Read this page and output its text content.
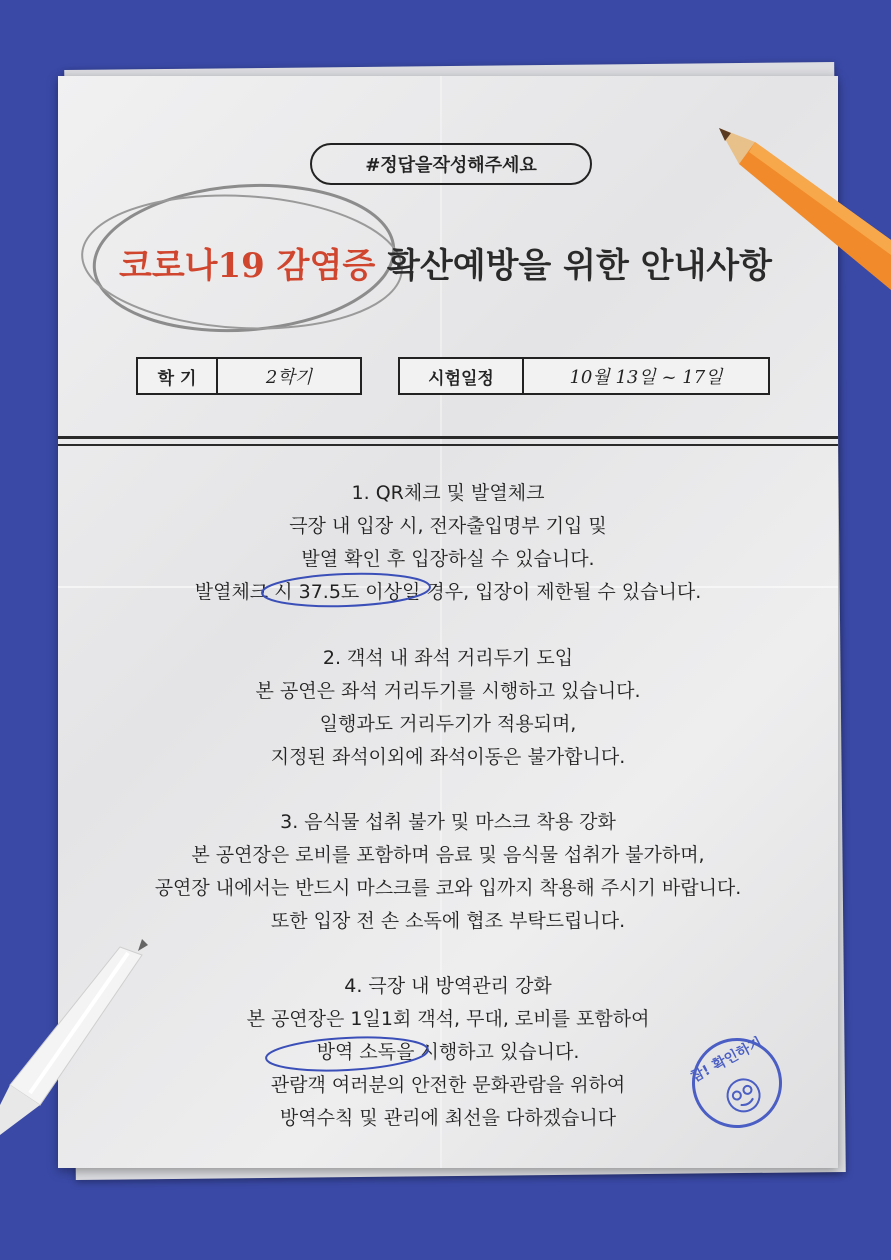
#정답을작성해주세요
코로나19 감염증 확산예방을 위한 안내사항
학 기	2학기	시험일정	10월 13일 ~ 17일
1. QR체크 및 발열체크
극장 내 입장 시, 전자출입명부 기입 및
발열 확인 후 입장하실 수 있습니다.
발열체크 시 37.5도 이상일 경우, 입장이 제한될 수 있습니다.
2. 객석 내 좌석 거리두기 도입
본 공연은 좌석 거리두기를 시행하고 있습니다.
일행과도 거리두기가 적용되며,
지정된 좌석이외에 좌석이동은 불가합니다.
3. 음식물 섭취 불가 및 마스크 착용 강화
본 공연장은 로비를 포함하며 음료 및 음식물 섭취가 불가하며,
공연장 내에서는 반드시 마스크를 코와 입까지 착용해 주시기 바랍니다.
또한 입장 전 손 소독에 협조 부탁드립니다.
4. 극장 내 방역관리 강화
본 공연장은 1일1회 객석, 무대, 로비를 포함하여
방역 소독을 시행하고 있습니다.
관람객 여러분의 안전한 문화관람을 위하여
방역수칙 및 관리에 최선을 다하겠습니다
참! 확인하기
